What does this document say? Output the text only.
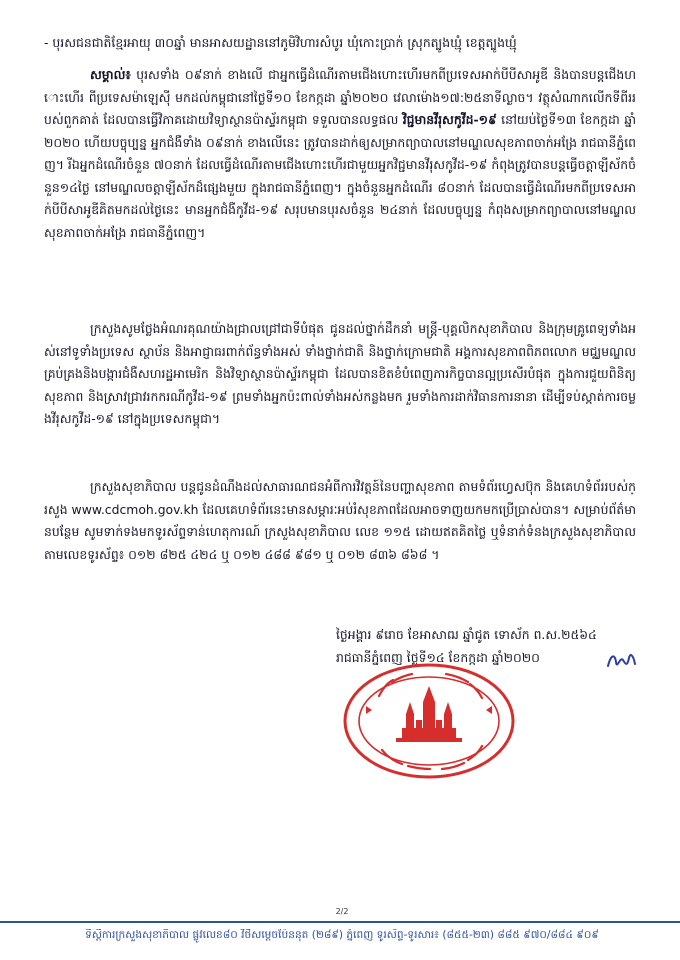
- បុរសជនជាតិខ្មែរអាយុ ៣០ឆ្នាំ មានអាសយដ្ឋាននៅភូមិវិហារសំបូរ ឃុំកោះប្រាក់ ស្រុកត្បូងឃ្មុំ ខេត្តត្បូងឃ្មុំ
សម្គាល់៖ បុរសទាំង ០៩នាក់ ខាងលើ ជាអ្នកធ្វើដំណើរតាមជើងហោះហើរមកពីប្រទេសអាក់បីបីសាអូឌី និងបានបន្តជើងហោះហើរ ពីប្រទេសម៉ាឡេស៊ី មកដល់កម្ពុជានៅថ្ងៃទី១០ ខែកក្កដា ឆ្នាំ២០២០ វេលាម៉ោង១៧:២៥នាទីល្ងាច។ វត្ថុសំណាកលើកទីពីររបស់ពួកគាត់ ដែលបានធ្វើវិភាគដោយវិទ្យាស្ថានប៉ាស្ទ័រកម្ពុជា ទទួលបានលទ្ធផល វិជ្ជមានវីរុសកូវីដ-១៩ នៅយប់ថ្ងៃទី១៣ ខែកក្កដា ឆ្នាំ២០២០ ហើយបច្ចុប្បន្ន អ្នកជំងឺទាំង ០៩នាក់ ខាងលើនេះ ត្រូវបានដាក់ឲ្យសម្រាកព្យាបាលនៅមណ្ឌលសុខភាពចាក់អង្រែ រាជធានីភ្នំពេញ។ រីឯអ្នកដំណើរចំនួន ៧០នាក់ ដែលធ្វើដំណើរតាមជើងហោះហើរជាមួយអ្នកវិជ្ជមានវីរុសកូវីដ-១៩ កំពុងត្រូវបានបន្តធ្វើចត្តាឡីស័កចំនួន១៤ថ្ងៃ នៅមណ្ឌលចត្តាឡីស័កដ៏ផ្សេងមួយ ក្នុងរាជធានីភ្នំពេញ។ ក្នុងចំនួនអ្នកដំណើរ ៨០នាក់ ដែលបានធ្វើដំណើរមកពីប្រទេសអាក់បីបីសាអូឌីគិតមកដល់ថ្ងៃនេះ មានអ្នកជំងឺកូវីដ-១៩ សរុបមានបុរសចំនួន ២៤នាក់ ដែលបច្ចុប្បន្ន កំពុងសម្រាកព្យាបាលនៅមណ្ឌលសុខភាពចាក់អង្រែ រាជធានីភ្នំពេញ។
ក្រសួងសូមថ្លែងអំណរគុណយ៉ាងជ្រាលជ្រៅជាទីបំផុត ជូនដល់ថ្នាក់ដឹកនាំ មន្ត្រី-បុគ្គលិកសុខាភិបាល និងក្រុមគ្រូពេទ្យទាំងអស់នៅទូទាំងប្រទេស ស្ថាប័ន និងអាជ្ញាធរពាក់ព័ន្ធទាំងអស់ ទាំងថ្នាក់ជាតិ និងថ្នាក់ក្រោមជាតិ អង្គការសុខភាពពិភពលោក មជ្ឈមណ្ឌលគ្រប់គ្រងនិងបង្ការជំងឺសហរដ្ឋអាមេរិក និងវិទ្យាស្ថានប៉ាស្ទ័រកម្ពុជា ដែលបានខិតខំបំពេញភារកិច្ចបានល្អប្រសើរបំផុត ក្នុងការជួយពិនិត្យសុខភាព និងស្រាវជ្រាវរកករណីកូវីដ-១៩ ព្រមទាំងអ្នកប៉ះពាល់ទាំងអស់កន្លងមក រួមទាំងការដាក់វិធានការនានា ដើម្បីទប់ស្កាត់ការចម្លងវីរុសកូវីដ-១៩ នៅក្នុងប្រទេសកម្ពុជា។
ក្រសួងសុខាភិបាល បន្តជូនដំណឹងដល់សាធារណជនអំពីការវិវត្តន៍នៃបញ្ហាសុខភាព តាមទំព័រហ្វេសប៊ុក និងគេហទំព័ររបស់ក្រសួង www.cdcmoh.gov.kh ដែលគេហទំព័រនេះមានសម្ភារៈអប់រំសុខភាពដែលអាចទាញយកមកប្រើប្រាស់បាន។ សម្រាប់ព័ត៌មានបន្ថែម សូមទាក់ទងមកទូរស័ព្ទទាន់ហេតុការណ៍ ក្រសួងសុខាភិបាល លេខ ១១៥ ដោយឥតគិតថ្លៃ ឬទំនាក់ទំនងក្រសួងសុខាភិបាល តាមលេខទូរស័ព្ទ៖ ០១២ ៨២៥ ៤២៤ ឬ ០១២ ៤៨៨ ៩៨១ ឬ ០១២ ៨៣៦ ៨៦៨ ។
ថ្ងៃអង្គារ ៩រោច ខែអាសាឍ ឆ្នាំជូត ទោស័ក ព.ស.២៥៦៤
រាជធានីភ្នំពេញ ថ្ងៃទី១៤ ខែកក្កដា ឆ្នាំ២០២០
2/2
ទីស្តីការក្រសួងសុខាភិបាល ផ្លូវលេខ៨០ វិថីសម្តេចប៉ែននុត (២៨៩) ភ្នំពេញ ទូរស័ព្ទ-ទូរសារ៖ (៨៥៥-២៣) ៨៨៥ ៩៧០/៨៨៤ ៩០៩
